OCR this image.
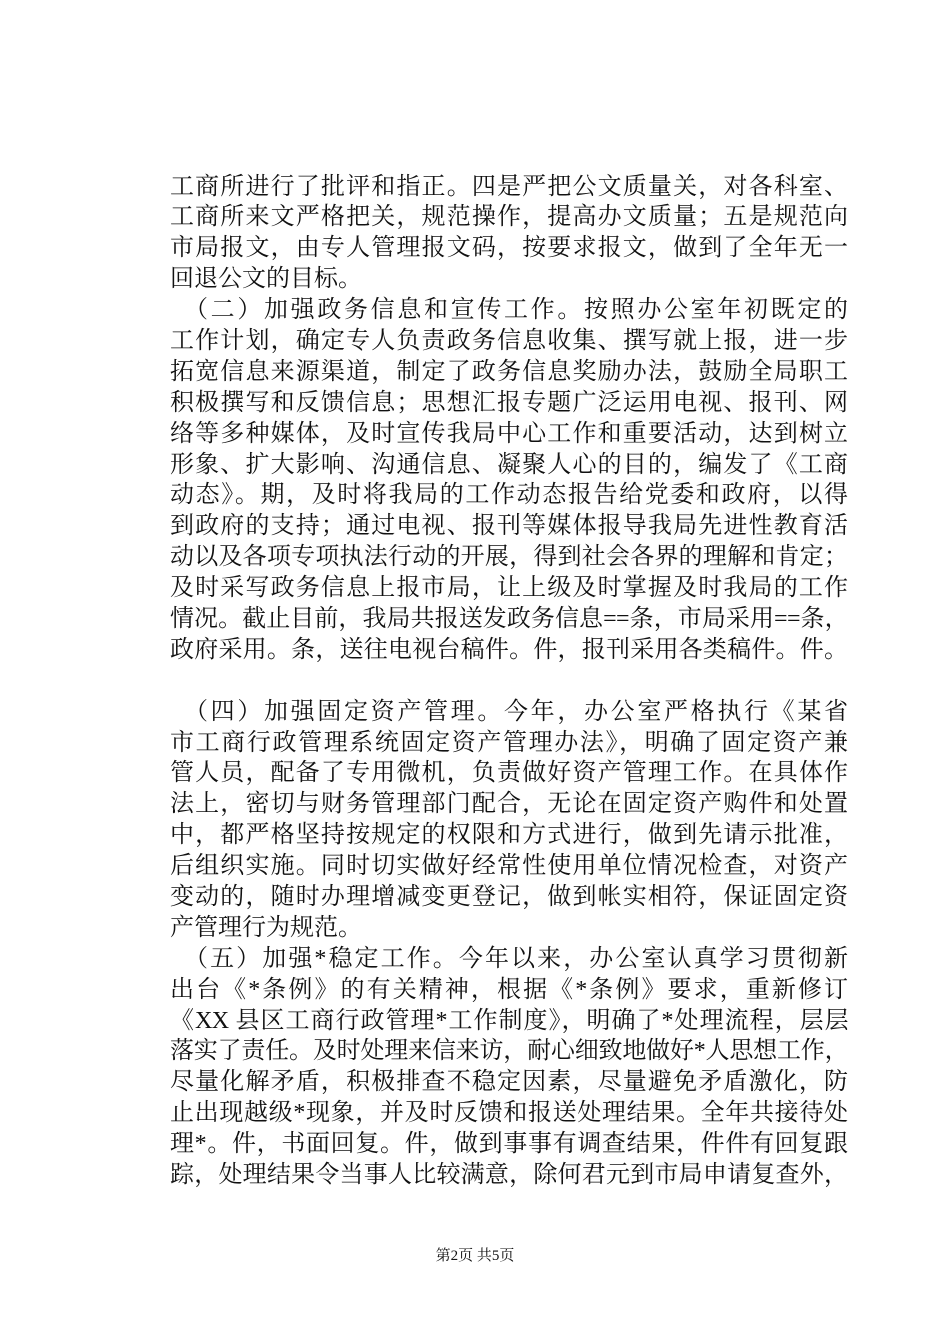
工商所进行了批评和指正。四是严把公文质量关，对各科室、
工商所来文严格把关，规范操作，提高办文质量；五是规范向
市局报文，由专人管理报文码，按要求报文，做到了全年无一
回退公文的目标。
（二）加强政务信息和宣传工作。按照办公室年初既定的
工作计划，确定专人负责政务信息收集、撰写就上报，进一步
拓宽信息来源渠道，制定了政务信息奖励办法，鼓励全局职工
积极撰写和反馈信息；思想汇报专题广泛运用电视、报刊、网
络等多种媒体，及时宣传我局中心工作和重要活动，达到树立
形象、扩大影响、沟通信息、凝聚人心的目的，编发了《工商
动态》。期，及时将我局的工作动态报告给党委和政府，以得
到政府的支持；通过电视、报刊等媒体报导我局先进性教育活
动以及各项专项执法行动的开展，得到社会各界的理解和肯定；
及时采写政务信息上报市局，让上级及时掌握及时我局的工作
情况。截止目前，我局共报送发政务信息==条，市局采用==条，
政府采用。条，送往电视台稿件。件，报刊采用各类稿件。件。
（四）加强固定资产管理。今年，办公室严格执行《某省
市工商行政管理系统固定资产管理办法》，明确了固定资产兼
管人员，配备了专用微机，负责做好资产管理工作。在具体作
法上，密切与财务管理部门配合，无论在固定资产购件和处置
中，都严格坚持按规定的权限和方式进行，做到先请示批准，
后组织实施。同时切实做好经常性使用单位情况检查，对资产
变动的，随时办理增减变更登记，做到帐实相符，保证固定资
产管理行为规范。
（五）加强*稳定工作。今年以来，办公室认真学习贯彻新
出台《*条例》的有关精神，根据《*条例》要求，重新修订
《XX 县区工商行政管理*工作制度》，明确了*处理流程，层层
落实了责任。及时处理来信来访，耐心细致地做好*人思想工作，
尽量化解矛盾，积极排查不稳定因素，尽量避免矛盾激化，防
止出现越级*现象，并及时反馈和报送处理结果。全年共接待处
理*。件，书面回复。件，做到事事有调查结果，件件有回复跟
踪，处理结果令当事人比较满意，除何君元到市局申请复查外，
第2页 共5页
